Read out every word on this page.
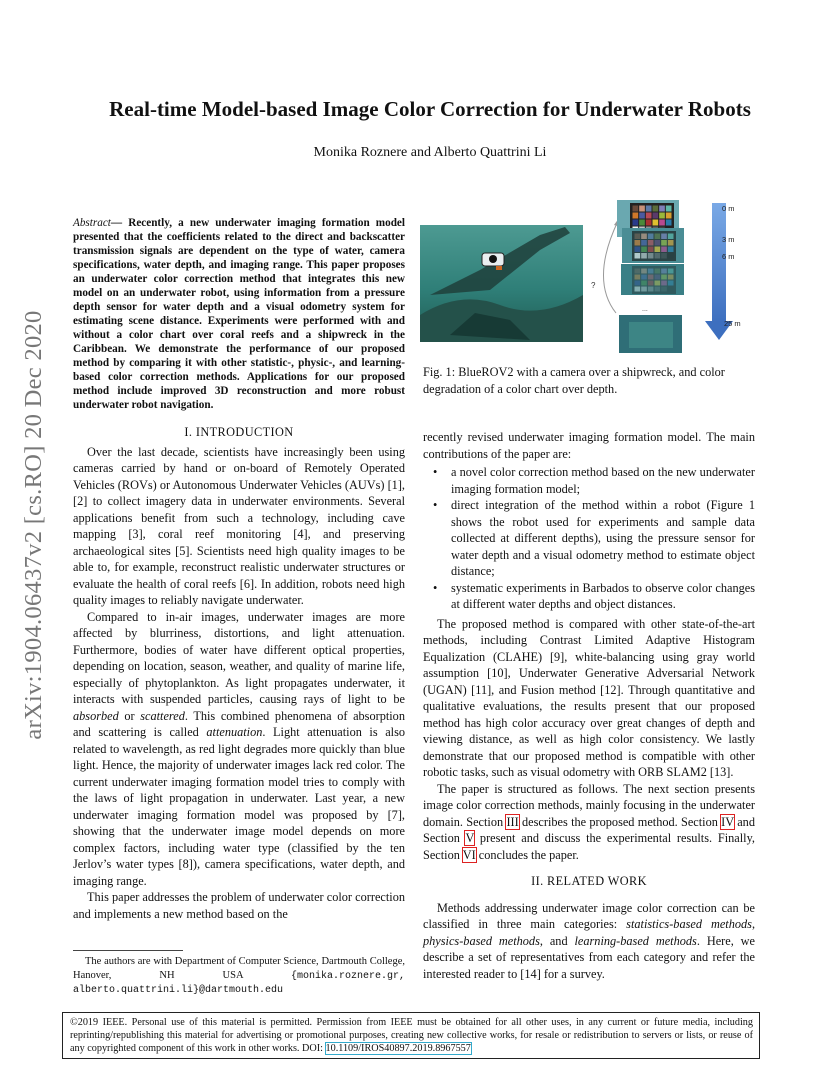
arXiv:1904.06437v2 [cs.RO] 20 Dec 2020
Real-time Model-based Image Color Correction for Underwater Robots
Monika Roznere and Alberto Quattrini Li
Abstract— Recently, a new underwater imaging formation model presented that the coefficients related to the direct and backscatter transmission signals are dependent on the type of water, camera specifications, water depth, and imaging range. This paper proposes an underwater color correction method that integrates this new model on an underwater robot, using information from a pressure depth sensor for water depth and a visual odometry system for estimating scene distance. Experiments were performed with and without a color chart over coral reefs and a shipwreck in the Caribbean. We demonstrate the performance of our proposed method by comparing it with other statistic-, physic-, and learning-based color correction methods. Applications for our proposed method include improved 3D reconstruction and more robust underwater robot navigation.
I. INTRODUCTION

Over the last decade, scientists have increasingly been using cameras carried by hand or on-board of Remotely Operated Vehicles (ROVs) or Autonomous Underwater Vehicles (AUVs) [1], [2] to collect imagery data in underwater environments. Several applications benefit from such a technology, including cave mapping [3], coral reef monitoring [4], and preserving archaeological sites [5]. Scientists need high quality images to be able to, for example, reconstruct realistic underwater structures or evaluate the health of coral reefs [6]. In addition, robots need high quality images to reliably navigate underwater.

Compared to in-air images, underwater images are more affected by blurriness, distortions, and light attenuation. Furthermore, bodies of water have different optical properties, depending on location, season, weather, and quality of marine life, especially of phytoplankton. As light propagates underwater, it interacts with suspended particles, causing rays of light to be absorbed or scattered. This combined phenomena of absorption and scattering is called attenuation. Light attenuation is also related to wavelength, as red light degrades more quickly than blue light. Hence, the majority of underwater images lack red color. The current underwater imaging formation model tries to comply with the laws of light propagation in underwater. Last year, a new underwater imaging formation model was proposed by [7], showing that the underwater image model depends on more complex factors, including water type (classified by the ten Jerlov’s water types [8]), camera specifications, water depth, and imaging range.

This paper addresses the problem of underwater color correction and implements a new method based on the

The authors are with Department of Computer Science, Dartmouth College, Hanover, NH USA {monika.roznere.gr, alberto.quattrini.li}@dartmouth.edu
?
...
0 m
3 m
6 m
25 m
Fig. 1: BlueROV2 with a camera over a shipwreck, and color degradation of a color chart over depth.

recently revised underwater imaging formation model. The main contributions of the paper are:

• a novel color correction method based on the new underwater imaging formation model;
• direct integration of the method within a robot (Figure 1 shows the robot used for experiments and sample data collected at different depths), using the pressure sensor for water depth and a visual odometry method to estimate object distance;
• systematic experiments in Barbados to observe color changes at different water depths and object distances.

The proposed method is compared with other state-of-the-art methods, including Contrast Limited Adaptive Histogram Equalization (CLAHE) [9], white-balancing using gray world assumption [10], Underwater Generative Adversarial Network (UGAN) [11], and Fusion method [12]. Through quantitative and qualitative evaluations, the results present that our proposed method has high color accuracy over great changes of depth and viewing distance, as well as high color consistency. We lastly demonstrate that our proposed method is compatible with other robotic tasks, such as visual odometry with ORB SLAM2 [13].

The paper is structured as follows. The next section presents image color correction methods, mainly focusing in the underwater domain. Section III describes the proposed method. Section IV and Section V present and discuss the experimental results. Finally, Section VI concludes the paper.

II. RELATED WORK

Methods addressing underwater image color correction can be classified in three main categories: statistics-based methods, physics-based methods, and learning-based methods. Here, we describe a set of representatives from each category and refer the interested reader to [14] for a survey.

©2019 IEEE. Personal use of this material is permitted. Permission from IEEE must be obtained for all other uses, in any current or future media, including reprinting/republishing this material for advertising or promotional purposes, creating new collective works, for resale or redistribution to servers or lists, or reuse of any copyrighted component of this work in other works. DOI: 10.1109/IROS40897.2019.8967557
